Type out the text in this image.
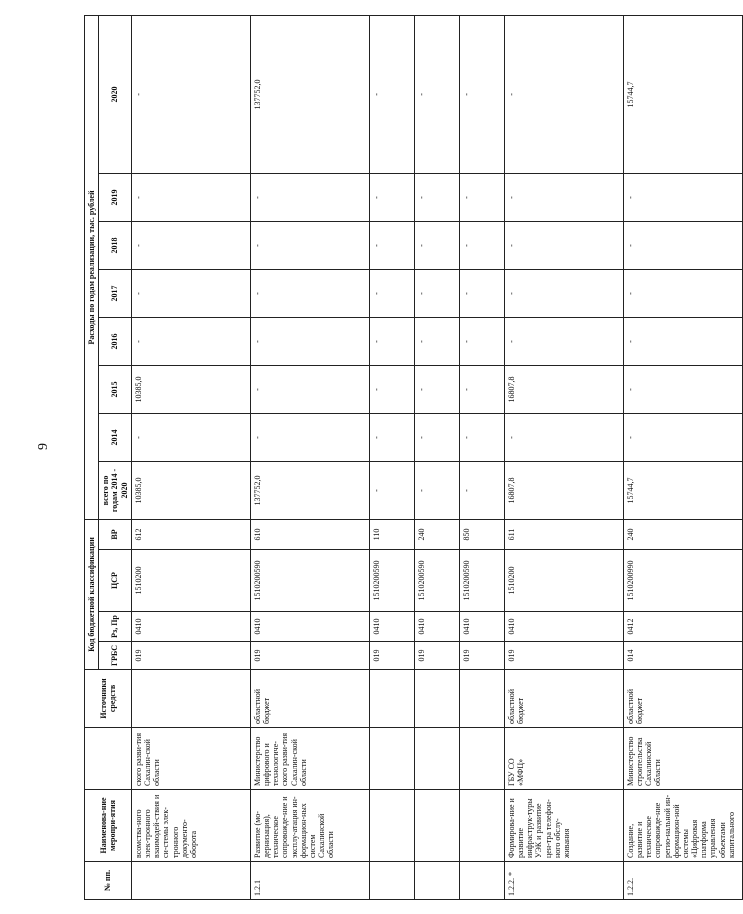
9
№ пп.	Наименова-ние меропри-ятия		Источники средств	Код бюджетной классификации				Расходы по годам реализации, тыс. рублей							
				ГРБС	Рз, Пр	ЦСР	ВР	всего по годам 2014 - 2020	2014	2015	2016	2017	2018	2019	2020
	всомства-ного элек-тронного взаимодей-ствия и си-стемы элек-тронного документо-оборота	ского разви-тия Сахалин-ской области		019	0410	1510200	612	10385,0	-	10385,0	-	-	-	-	-
1.2.1	Развитие (мо-дернизация), техническое сопровожде-ние и эксплу-атация ин-формацион-ных систем Сахалинской области	Министерство цифрового и технологиче-ского разви-тия Сахалин-ской области	областной бюджет	019	0410	1510200590	610	137752,0	-	-	-	-	-	-	137752,0
				019	0410	1510200590	110	-	-	-	-	-	-	-	-
				019	0410	1510200590	240	-	-	-	-	-	-	-	-
				019	0410	1510200590	850	-	-	-	-	-	-	-	-
1.2.2. *	Формирова-ние и развитие инфраструк-туры УЭК и развитие цен-тра телефон-ного обслу-живания	ГБУ СО «МФЦ»	областной бюджет	019	0410	1510200	611	16807,8	-	16807,8	-	-	-	-	-
1.2.2.	Создание, развитие и техническое сопровожде-ние регио-нальной ин-формацион-ной системы «Цифровая платформа управления объектами капитального	Министерство строительства Сахалинской области	областной бюджет	014	0412	1510200990	240	15744,7	-	-	-	-	-	-	15744,7
